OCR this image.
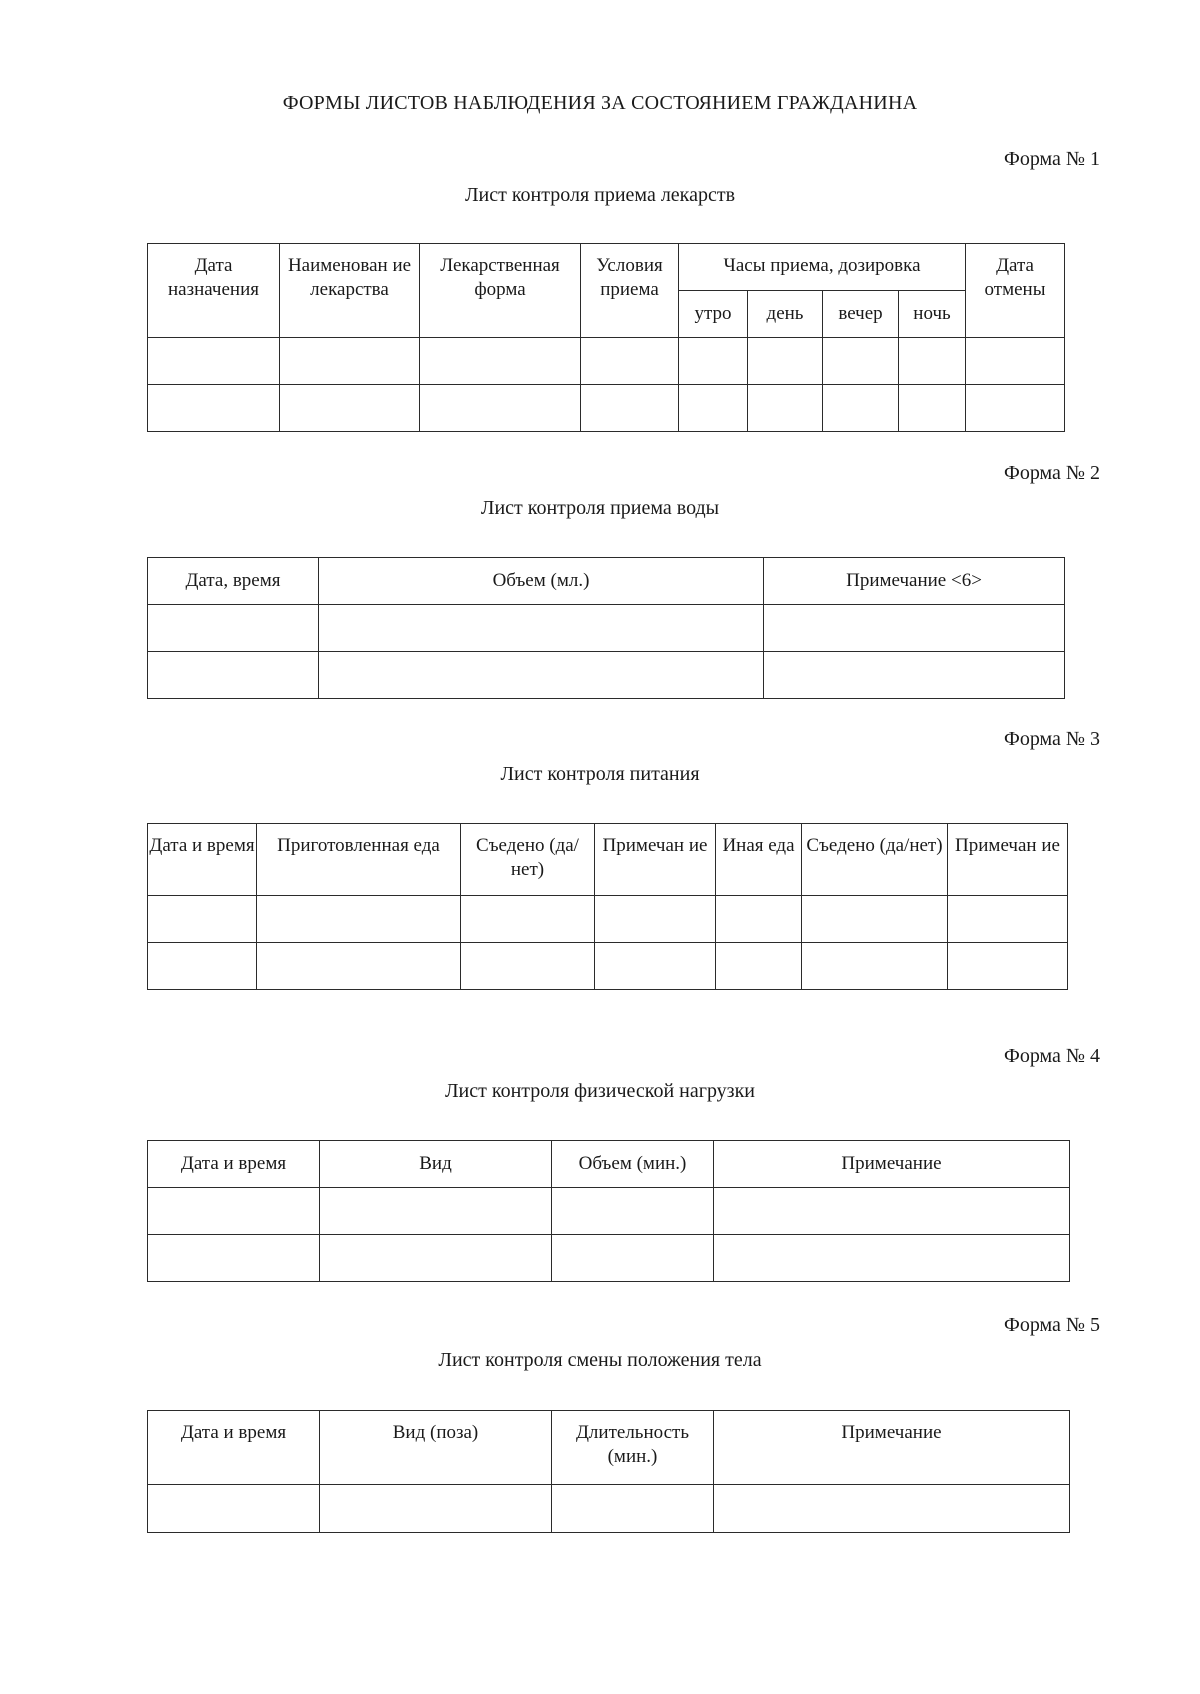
ФОРМЫ ЛИСТОВ НАБЛЮДЕНИЯ ЗА СОСТОЯНИЕМ ГРАЖДАНИНА
Форма № 1
Лист контроля приема лекарств
Дата назначения	Наименован ие лекарства	Лекарственная форма	Условия приема	Часы приема, дозировка				Дата отмены

				утро	день	вечер	ночь	

Форма № 2
Лист контроля приема воды
Дата, время	Объем (мл.)	Примечание <6>

Форма № 3
Лист контроля питания
Дата и время	Приготовленная еда	Съедено (да/нет)	Примечан ие	Иная еда	Съедено (да/нет)	Примечан ие

Форма № 4
Лист контроля физической нагрузки
Дата и время	Вид	Объем (мин.)	Примечание

Форма № 5
Лист контроля смены положения тела
Дата и время	Вид (поза)	Длительность (мин.)	Примечание
